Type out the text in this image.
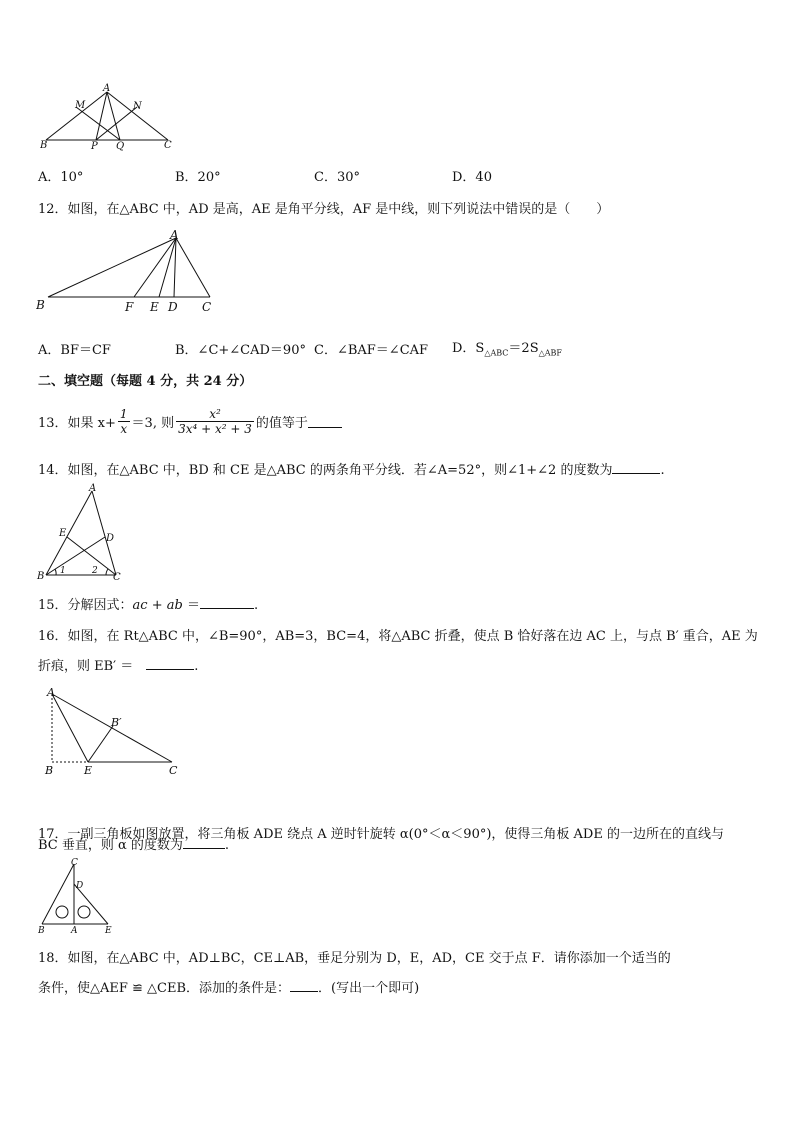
A
B	C
M	N
P Q
A．10°	B．20°	C．30°	D．40
12．如图，在△ABC 中，AD 是高，AE 是角平分线，AF 是中线，则下列说法中错误的是（　　）
A
B	F E D C
A．BF＝CF	B．∠C+∠CAD＝90° C．∠BAF＝∠CAF D．$S_{\triangle ABC}=2S_{\triangle ABF}$
二、填空题（每题 4 分，共 24 分）
13．如果 $x+ \frac{1}{x} =3$, 则 $\frac{\text{x²}}{\text{3x⁴ + x² + 3}}$ 的值等于
14．如图，在△ABC 中，BD 和 CE 是△ABC 的两条角平分线．若∠A=52°，则∠1+∠2 的度数为	.
A
E	D
B	C
1	2
15．分解因式：ac + ab ＝	.
16．如图，在 Rt△ABC 中，∠B=90°，AB=3，BC=4，将△ABC 折叠，使点 B 恰好落在边 AC 上，与点 B′ 重合，AE 为
折痕，则 EB′ ＝　	.
A
B′
B	E	C
17．一副三角板如图放置，将三角板 ADE 绕点 A 逆时针旋转 α(0°＜α＜90°)，使得三角板 ADE 的一边所在的直线与
BC 垂直，则 α 的度数为	.
C
D
B	A	E
18．如图，在△ABC 中，AD⊥BC，CE⊥AB，垂足分别为 D，E，AD，CE 交于点 F．请你添加一个适当的
条件，使△AEF ≌ △CEB．添加的条件是： ．(写出一个即可)
